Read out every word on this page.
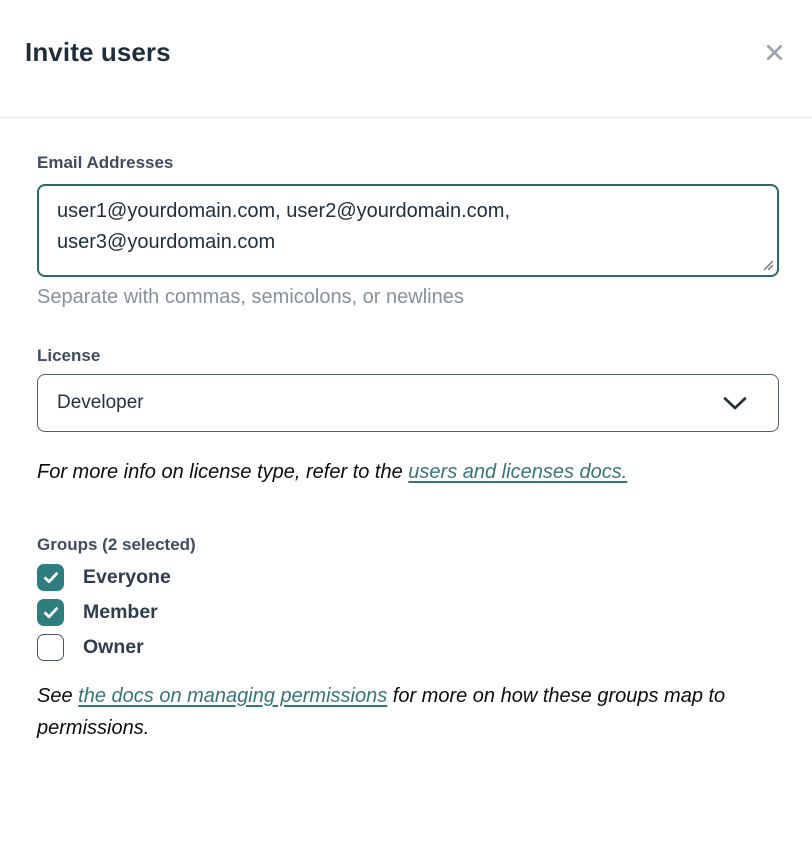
Invite users
Email Addresses
user1@yourdomain.com, user2@yourdomain.com, user3@yourdomain.com
Separate with commas, semicolons, or newlines
License
Developer

For more info on license type, refer to the users and licenses docs.

Groups (2 selected)
Everyone
Member
Owner

See the docs on managing permissions for more on how these groups map to permissions.
